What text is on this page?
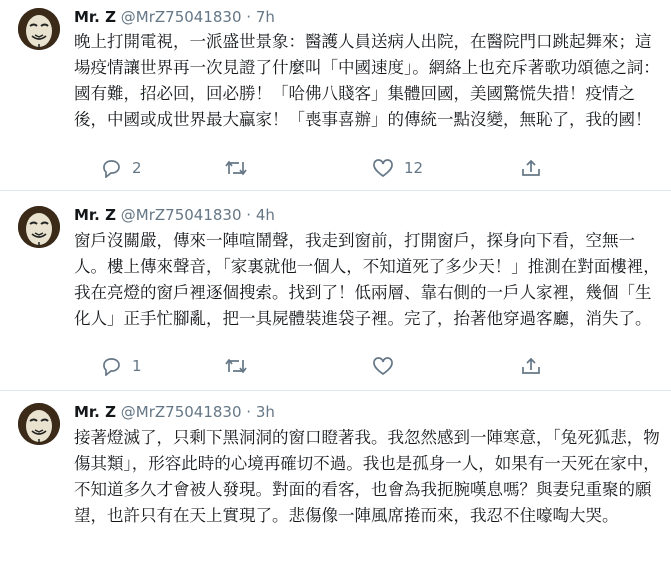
Mr. Z @MrZ75041830 · 7h
晚上打開電視，一派盛世景象：醫護人員送病人出院，在醫院門口跳起舞來；這場疫情讓世界再一次見證了什麼叫「中國速度」。網絡上也充斥著歌功頌德之詞：國有難，招必回，回必勝！「哈佛八賤客」集體回國，美國驚慌失措！疫情之後，中國或成世界最大贏家！「喪事喜辦」的傳統一點沒變，無恥了，我的國！
2	12
Mr. Z @MrZ75041830 · 4h
窗戶沒關嚴，傳來一陣喧鬧聲，我走到窗前，打開窗戶，探身向下看，空無一人。樓上傳來聲音，「家裏就他一個人，不知道死了多少天！」推測在對面樓裡，我在亮燈的窗戶裡逐個搜索。找到了！低兩層、靠右側的一戶人家裡，幾個「生化人」正手忙腳亂，把一具屍體裝進袋子裡。完了，抬著他穿過客廳，消失了。
1
Mr. Z @MrZ75041830 · 3h
接著燈滅了，只剩下黑洞洞的窗口瞪著我。我忽然感到一陣寒意，「兔死狐悲，物傷其類」，形容此時的心境再確切不過。我也是孤身一人，如果有一天死在家中，不知道多久才會被人發現。對面的看客，也會為我扼腕嘆息嗎？與妻兒重聚的願望，也許只有在天上實現了。悲傷像一陣風席捲而來，我忍不住嚎啕大哭。
